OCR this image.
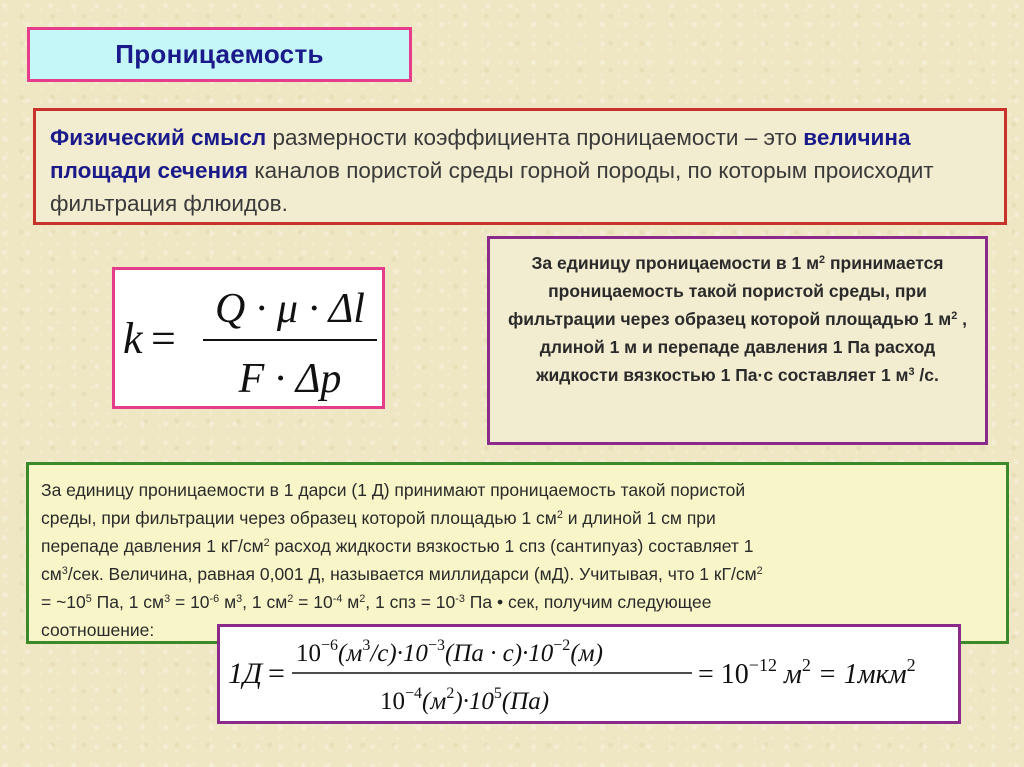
Проницаемость
Физический смысл размерности коэффициента проницаемости – это величина площади сечения каналов пористой среды горной породы, по которым происходит фильтрация флюидов.
k =
Q · μ · Δl
F · Δp
За единицу проницаемости в 1 $м^2$ принимается проницаемость такой пористой среды, при фильтрации через образец которой площадью 1 $м^2$ , длиной 1 м и перепаде давления 1 Па расход жидкости вязкостью 1 Па·с составляет 1 $м^3$ /с.
За единицу проницаемости в 1 дарси (1 Д) принимают проницаемость такой пористой
среды, при фильтрации через образец которой площадью 1 $см^2$ и длиной 1 см при
перепаде давления 1 $кГ/см^2$ расход жидкости вязкостью 1 спз (сантипуаз) составляет 1
$см^3$/сек. Величина, равная 0,001 Д, называется миллидарси (мД). Учитывая, что 1 $кГ/см^2$
= $\sim 10^5$ Па, 1 $см^3 = 10^{-6}$ $м^3$, 1 $см^2 = 10^{-4}$ $м^2$, 1 спз = $10^{-3}$ Па • сек, получим следующее
соотношение:
1Д =
$10^{-6}(м^3/с)\cdot 10^{-3}(Па \cdot с)\cdot 10^{-2}(м)$
$10^{-4}(м^2)\cdot 10^5(Па)$
= $10^{-12}$ $м^2 = 1мкм^2$
